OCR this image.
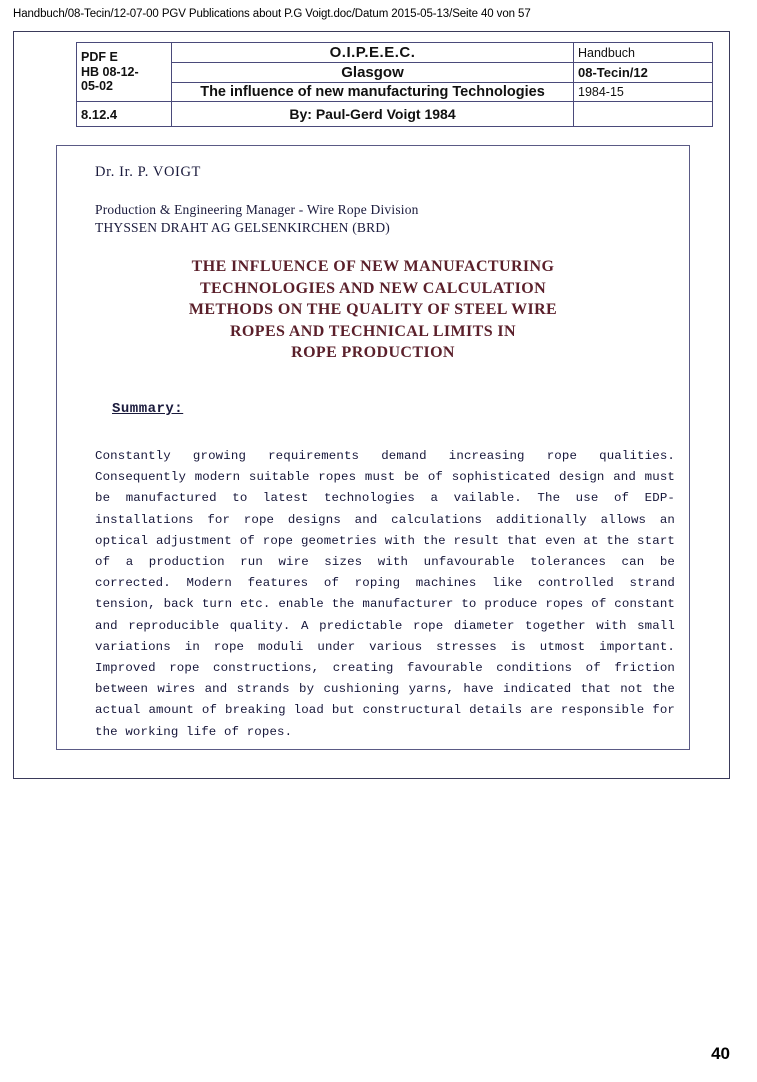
Handbuch/08-Tecin/12-07-00 PGV Publications about P.G Voigt.doc/Datum 2015-05-13/Seite 40 von 57
PDF E
HB 08-12-
05-02	O.I.P.E.E.C.	Handbuch
	Glasgow	08-Tecin/12
	The influence of new manufacturing Technologies	1984-15
8.12.4	By: Paul-Gerd Voigt 1984	
Dr. Ir. P. VOIGT
Production & Engineering Manager - Wire Rope Division
THYSSEN DRAHT AG GELSENKIRCHEN (BRD)
THE INFLUENCE OF NEW MANUFACTURING
TECHNOLOGIES AND NEW CALCULATION
METHODS ON THE QUALITY OF STEEL WIRE
ROPES AND TECHNICAL LIMITS IN
ROPE PRODUCTION
Summary:

Constantly growing requirements demand increasing rope qualities. Consequently modern suitable ropes must be of sophisticated design and must be manufactured to latest technologies a vailable. The use of EDP-installations for rope designs and calculations additionally allows an optical adjustment of rope geometries with the result that even at the start of a production run wire sizes with unfavourable tolerances can be corrected. Modern features of roping machines like controlled strand tension, back turn etc. enable the manufacturer to produce ropes of constant and reproducible quality. A predictable rope diameter together with small variations in rope moduli under various stresses is utmost important. Improved rope constructions, creating favourable conditions of friction between wires and strands by cushioning yarns, have indicated that not the actual amount of breaking load but constructural details are responsible for the working life of ropes.

40
